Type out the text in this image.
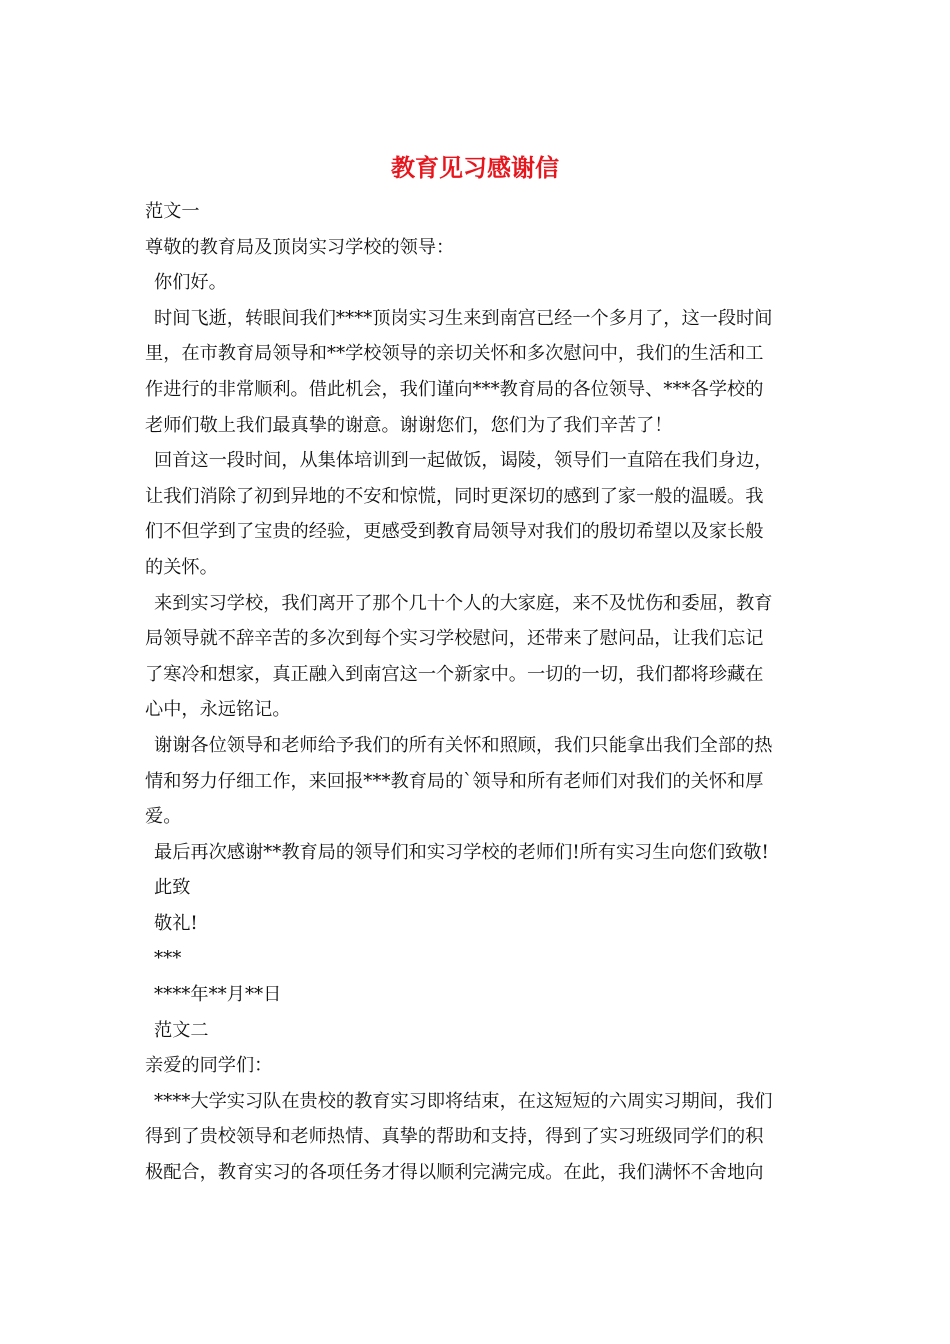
教育见习感谢信

范文一

尊敬的教育局及顶岗实习学校的领导：

你们好。

时间飞逝，转眼间我们****顶岗实习生来到南宫已经一个多月了，这一段时间

里，在市教育局领导和**学校领导的亲切关怀和多次慰问中，我们的生活和工

作进行的非常顺利。借此机会，我们谨向***教育局的各位领导、***各学校的

老师们敬上我们最真挚的谢意。谢谢您们，您们为了我们辛苦了！

回首这一段时间，从集体培训到一起做饭，谒陵，领导们一直陪在我们身边，

让我们消除了初到异地的不安和惊慌，同时更深切的感到了家一般的温暖。我

们不但学到了宝贵的经验，更感受到教育局领导对我们的殷切希望以及家长般

的关怀。

来到实习学校，我们离开了那个几十个人的大家庭，来不及忧伤和委屈，教育

局领导就不辞辛苦的多次到每个实习学校慰问，还带来了慰问品，让我们忘记

了寒冷和想家，真正融入到南宫这一个新家中。一切的一切，我们都将珍藏在

心中，永远铭记。

谢谢各位领导和老师给予我们的所有关怀和照顾，我们只能拿出我们全部的热

情和努力仔细工作，来回报***教育局的`领导和所有老师们对我们的关怀和厚

爱。

最后再次感谢**教育局的领导们和实习学校的老师们!所有实习生向您们致敬!

此致

敬礼!

***

****年**月**日

范文二

亲爱的同学们：

****大学实习队在贵校的教育实习即将结束，在这短短的六周实习期间，我们

得到了贵校领导和老师热情、真挚的帮助和支持，得到了实习班级同学们的积

极配合，教育实习的各项任务才得以顺利完满完成。在此，我们满怀不舍地向
